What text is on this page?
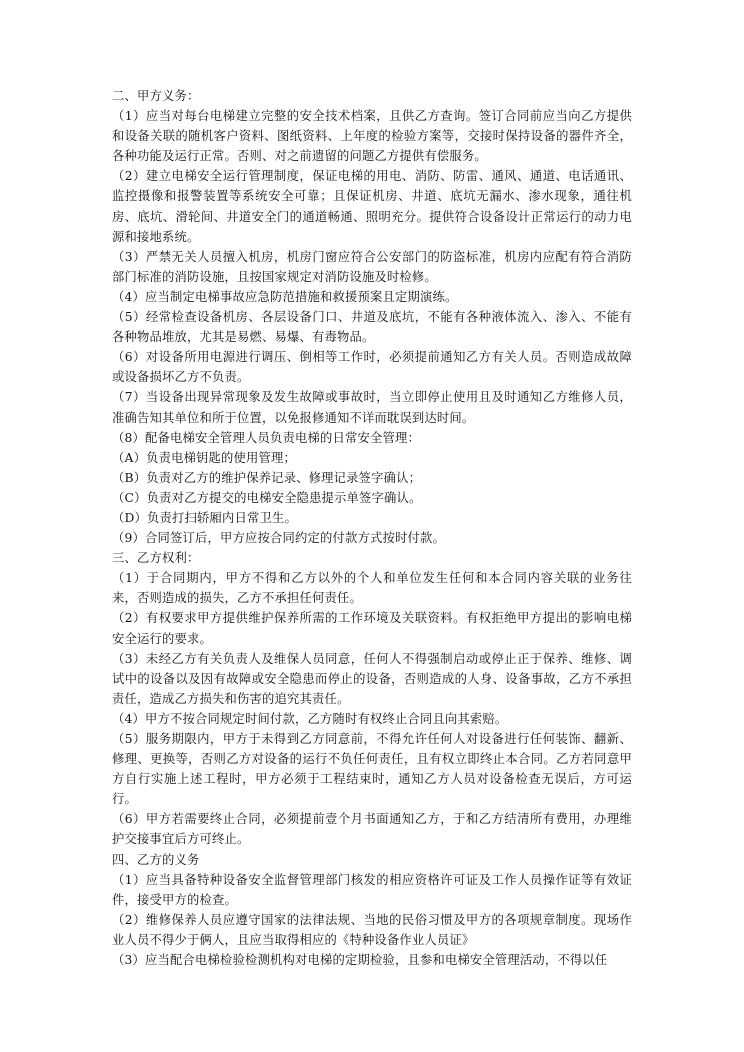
二、甲方义务：

（1）应当对每台电梯建立完整的安全技术档案，且供乙方查询。签订合同前应当向乙方提供和设备关联的随机客户资料、图纸资料、上年度的检验方案等，交接时保持设备的器件齐全，各种功能及运行正常。否则、对之前遗留的问题乙方提供有偿服务。

（2）建立电梯安全运行管理制度，保证电梯的用电、消防、防雷、通风、通道、电话通讯、监控摄像和报警装置等系统安全可靠；且保证机房、井道、底坑无漏水、渗水现象，通往机房、底坑、滑轮间、井道安全门的通道畅通、照明充分。提供符合设备设计正常运行的动力电源和接地系统。

（3）严禁无关人员擅入机房，机房门窗应符合公安部门的防盗标准，机房内应配有符合消防部门标准的消防设施，且按国家规定对消防设施及时检修。

（4）应当制定电梯事故应急防范措施和救援预案且定期演练。

（5）经常检查设备机房、各层设备门口、井道及底坑，不能有各种液体流入、渗入、不能有各种物品堆放，尤其是易燃、易爆、有毒物品。

（6）对设备所用电源进行调压、倒相等工作时，必须提前通知乙方有关人员。否则造成故障或设备损坏乙方不负责。

（7）当设备出现异常现象及发生故障或事故时，当立即停止使用且及时通知乙方维修人员，准确告知其单位和所于位置，以免报修通知不详而耽误到达时间。

（8）配备电梯安全管理人员负责电梯的日常安全管理：

（A）负责电梯钥匙的使用管理；

（B）负责对乙方的维护保养记录、修理记录签字确认；

（C）负责对乙方提交的电梯安全隐患提示单签字确认。

（D）负责打扫轿厢内日常卫生。

（9）合同签订后，甲方应按合同约定的付款方式按时付款。

三、乙方权利：

（1）于合同期内，甲方不得和乙方以外的个人和单位发生任何和本合同内容关联的业务往来，否则造成的损失，乙方不承担任何责任。

（2）有权要求甲方提供维护保养所需的工作环境及关联资料。有权拒绝甲方提出的影响电梯安全运行的要求。

（3）未经乙方有关负责人及维保人员同意，任何人不得强制启动或停止正于保养、维修、调试中的设备以及因有故障或安全隐患而停止的设备，否则造成的人身、设备事故，乙方不承担责任，造成乙方损失和伤害的追究其责任。

（4）甲方不按合同规定时间付款，乙方随时有权终止合同且向其索赔。

（5）服务期限内，甲方于未得到乙方同意前，不得允许任何人对设备进行任何装饰、翻新、修理、更换等，否则乙方对设备的运行不负任何责任，且有权立即终止本合同。乙方若同意甲方自行实施上述工程时，甲方必须于工程结束时，通知乙方人员对设备检查无误后，方可运行。

（6）甲方若需要终止合同，必须提前壹个月书面通知乙方，于和乙方结清所有费用，办理维护交接事宜后方可终止。

四、乙方的义务

（1）应当具备特种设备安全监督管理部门核发的相应资格许可证及工作人员操作证等有效证件，接受甲方的检查。

（2）维修保养人员应遵守国家的法律法规、当地的民俗习惯及甲方的各项规章制度。现场作业人员不得少于俩人，且应当取得相应的《特种设备作业人员证》

（3）应当配合电梯检验检测机构对电梯的定期检验，且参和电梯安全管理活动，不得以任
